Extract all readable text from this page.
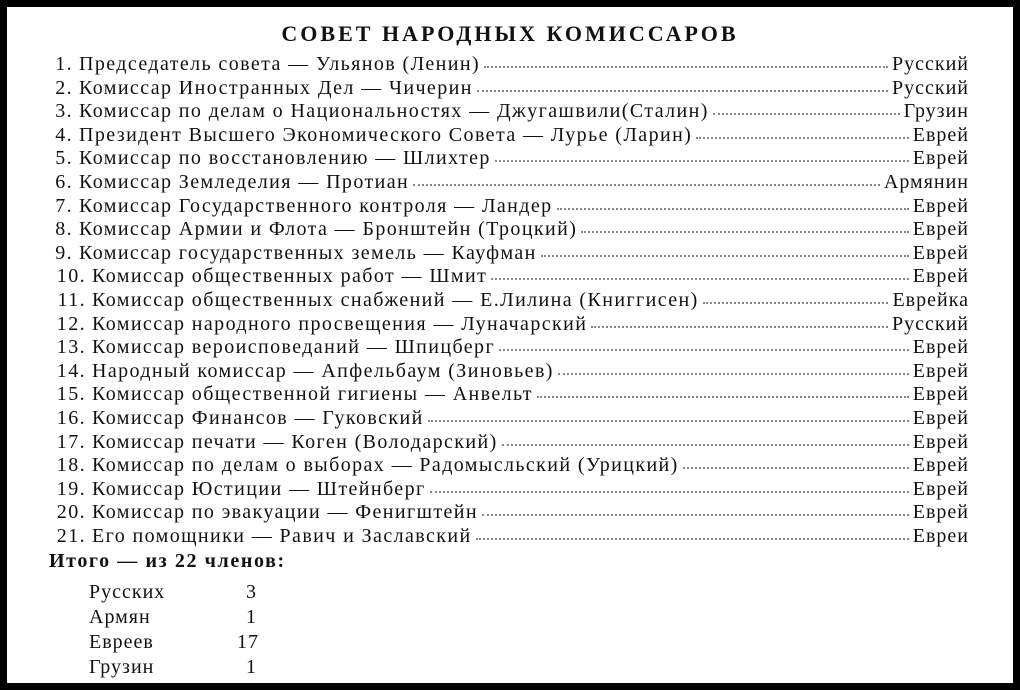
СОВЕТ НАРОДНЫХ КОМИССАРОВ
1. Председатель совета — Ульянов (Ленин)	Русский
2. Комиссар Иностранных Дел — Чичерин	Русский
3. Комиссар по делам о Национальностях — Джугашвили(Сталин)	Грузин
4. Президент Высшего Экономического Совета — Лурье (Ларин)	Еврей
5. Комиссар по восстановлению — Шлихтер	Еврей
6. Комиссар Земледелия — Протиан	Армянин
7. Комиссар Государственного контроля — Ландер	Еврей
8. Комиссар Армии и Флота — Бронштейн (Троцкий)	Еврей
9. Комиссар государственных земель — Кауфман	Еврей
10. Комиссар общественных работ — Шмит	Еврей
11. Комиссар общественных снабжений — Е.Лилина (Книггисен)	Еврейка
12. Комиссар народного просвещения — Луначарский	Русский
13. Комиссар вероисповеданий — Шпицберг	Еврей
14. Народный комиссар — Апфельбаум (Зиновьев)	Еврей
15. Комиссар общественной гигиены — Анвельт	Еврей
16. Комиссар Финансов — Гуковский	Еврей
17. Комиссар печати — Коген (Володарский)	Еврей
18. Комиссар по делам о выборах — Радомысльский (Урицкий)	Еврей
19. Комиссар Юстиции — Штейнберг	Еврей
20. Комиссар по эвакуации — Фенигштейн	Еврей
21. Его помощники — Равич и Заславский	Евреи
Итого — из 22 членов:
Русских	3
Армян	1
Евреев	17
Грузин	1
